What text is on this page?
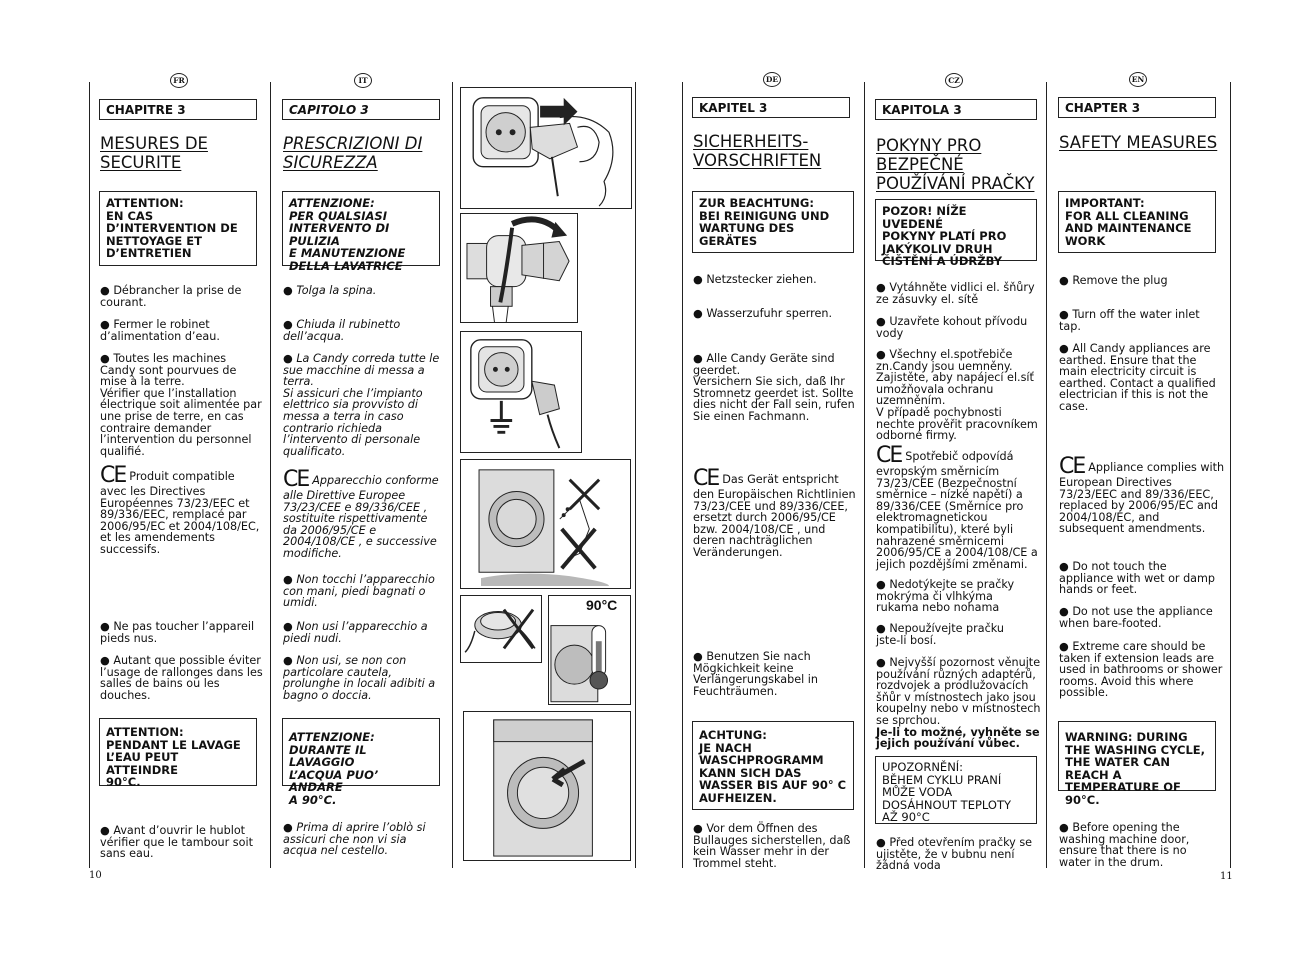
FR	IT	DE	CZ	EN
CHAPITRE 3
MESURES DE SECURITE
ATTENTION:
EN CAS
D’INTERVENTION DE
NETTOYAGE ET
D’ENTRETIEN
● Débrancher la prise de courant.
● Fermer le robinet d’alimentation d’eau.
● Toutes les machines Candy sont pourvues de mise à la terre.
Vérifier que l’installation électrique soit alimentée par une prise de terre, en cas contraire demander l’intervention du personnel qualifié.
CE Produit compatible avec les Directives Européennes 73/23/EEC et 89/336/EEC, remplacé par 2006/95/EC et 2004/108/EC, et les amendements successifs.
● Ne pas toucher l’appareil pieds nus.
● Autant que possible éviter l’usage de rallonges dans les salles de bains ou les douches.
ATTENTION:
PENDANT LE LAVAGE
L’EAU PEUT ATTEINDRE
90°C.
● Avant d’ouvrir le hublot vérifier que le tambour soit sans eau.
CAPITOLO 3
PRESCRIZIONI DI SICUREZZA
ATTENZIONE:
PER QUALSIASI
INTERVENTO DI PULIZIA
E MANUTENZIONE
DELLA LAVATRICE
● Tolga la spina.
● Chiuda il rubinetto dell’acqua.
● La Candy corredа tutte le sue macchine di messa a terra.
Si assicuri che l’impianto elettrico sia provvisto di messa a terra in caso contrario richieda l’intervento di personale qualificato.
CE Apparecchio conforme alle Direttive Europee 73/23/CEE e 89/336/CEE , sostituite rispettivamente da 2006/95/CE e 2004/108/CE , e successive modifiche.
● Non tocchi l’apparecchio con mani, piedi bagnati o umidi.
● Non usi l’apparecchio a piedi nudi.
● Non usi, se non con particolare cautela, prolunghe in locali adibiti a bagno o doccia.
ATTENZIONE:
DURANTE IL LAVAGGIO
L’ACQUA PUO’ ANDARE
A 90°C.
● Prima di aprire l’oblò si assicuri che non vi sia acqua nel cestello.
90°C
KAPITEL 3
SICHERHEITS-
VORSCHRIFTEN
ZUR BEACHTUNG:
BEI REINIGUNG UND
WARTUNG DES
GERÄTES
● Netzstecker ziehen.
● Wasserzufuhr sperren.
● Alle Candy Geräte sind geerdet.
Versichern Sie sich, daß Ihr Stromnetz geerdet ist. Sollte dies nicht der Fall sein, rufen Sie einen Fachmann.
CE Das Gerät entspricht den Europäischen Richtlinien 73/23/CEE und 89/336/CEE, ersetzt durch 2006/95/CE bzw. 2004/108/CE , und deren nachträglichen Veränderungen.
● Benutzen Sie nach Mögkichkeit keine Verlängerungskabel in Feuchträumen.
ACHTUNG:
JE NACH
WASCHPROGRAMM
KANN SICH DAS
WASSER BIS AUF 90° C
AUFHEIZEN.
● Vor dem Öffnen des Bullauges sicherstellen, daß kein Wasser mehr in der Trommel steht.
KAPITOLA 3
POKYNY PRO
BEZPEČNÉ
POUŽÍVÁNÍ PRAČKY
POZOR! NÍŽE UVEDENÉ
POKYNY PLATÍ PRO
JAKÝKOLIV DRUH
ČIŠTĚNÍ A ÚDRŽBY
● Vytáhněte vidlici el. šňůry ze zásuvky el. sítě
● Uzavřete kohout přívodu vody
● Všechny el.spotřebiče zn.Candy jsou uemněny. Zajistěte, aby napájecí el.síť umožňovala ochranu uzemněním.
V případě pochybnosti nechte prověřit pracovníkem odborné firmy.
CE Spotřebič odpovídá evropským směrnicím 73/23/CEE (Bezpečnostní směrnice – nízké napětí) a 89/336/CEE (Směrnice pro elektromagnetickou kompatibilitu), které byli nahrazené směrnicemi 2006/95/CE a 2004/108/CE a jejich pozdějšími změnami.
● Nedotýkejte se pračky mokrýma či vlhkýma rukama nebo nohama
● Nepoužívejte pračku jste-li bosí.
● Nejvyšší pozornost věnujte používání různých adaptérů, rozdvojek a prodlužovacích šňůr v místnostech jako jsou koupelny nebo v místnostech se sprchou.
Je-li to možné, vyhněte se jejich používání vůbec.
UPOZORNĚNÍ:
BĚHEM CYKLU PRANÍ
MŮŽE VODA
DOSÁHNOUT TEPLOTY
AŽ 90°C
● Před otevřením pračky se ujistěte, že v bubnu není žádná voda
CHAPTER 3
SAFETY MEASURES
IMPORTANT:
FOR ALL CLEANING
AND MAINTENANCE
WORK
● Remove the plug
● Turn off the water inlet tap.
● All Candy appliances are earthed. Ensure that the main electricity circuit is earthed. Contact a qualified electrician if this is not the case.
CE Appliance complies with European Directives 73/23/EEC and 89/336/EEC, replaced by 2006/95/EC and 2004/108/EC, and subsequent amendments.
● Do not touch the appliance with wet or damp hands or feet.
● Do not use the appliance when bare-footed.
● Extreme care should be taken if extension leads are used in bathrooms or shower rooms. Avoid this where possible.
WARNING: DURING THE WASHING CYCLE, THE WATER CAN REACH A TEMPERATURE OF 90°C.
● Before opening the washing machine door, ensure that there is no water in the drum.
10	11
